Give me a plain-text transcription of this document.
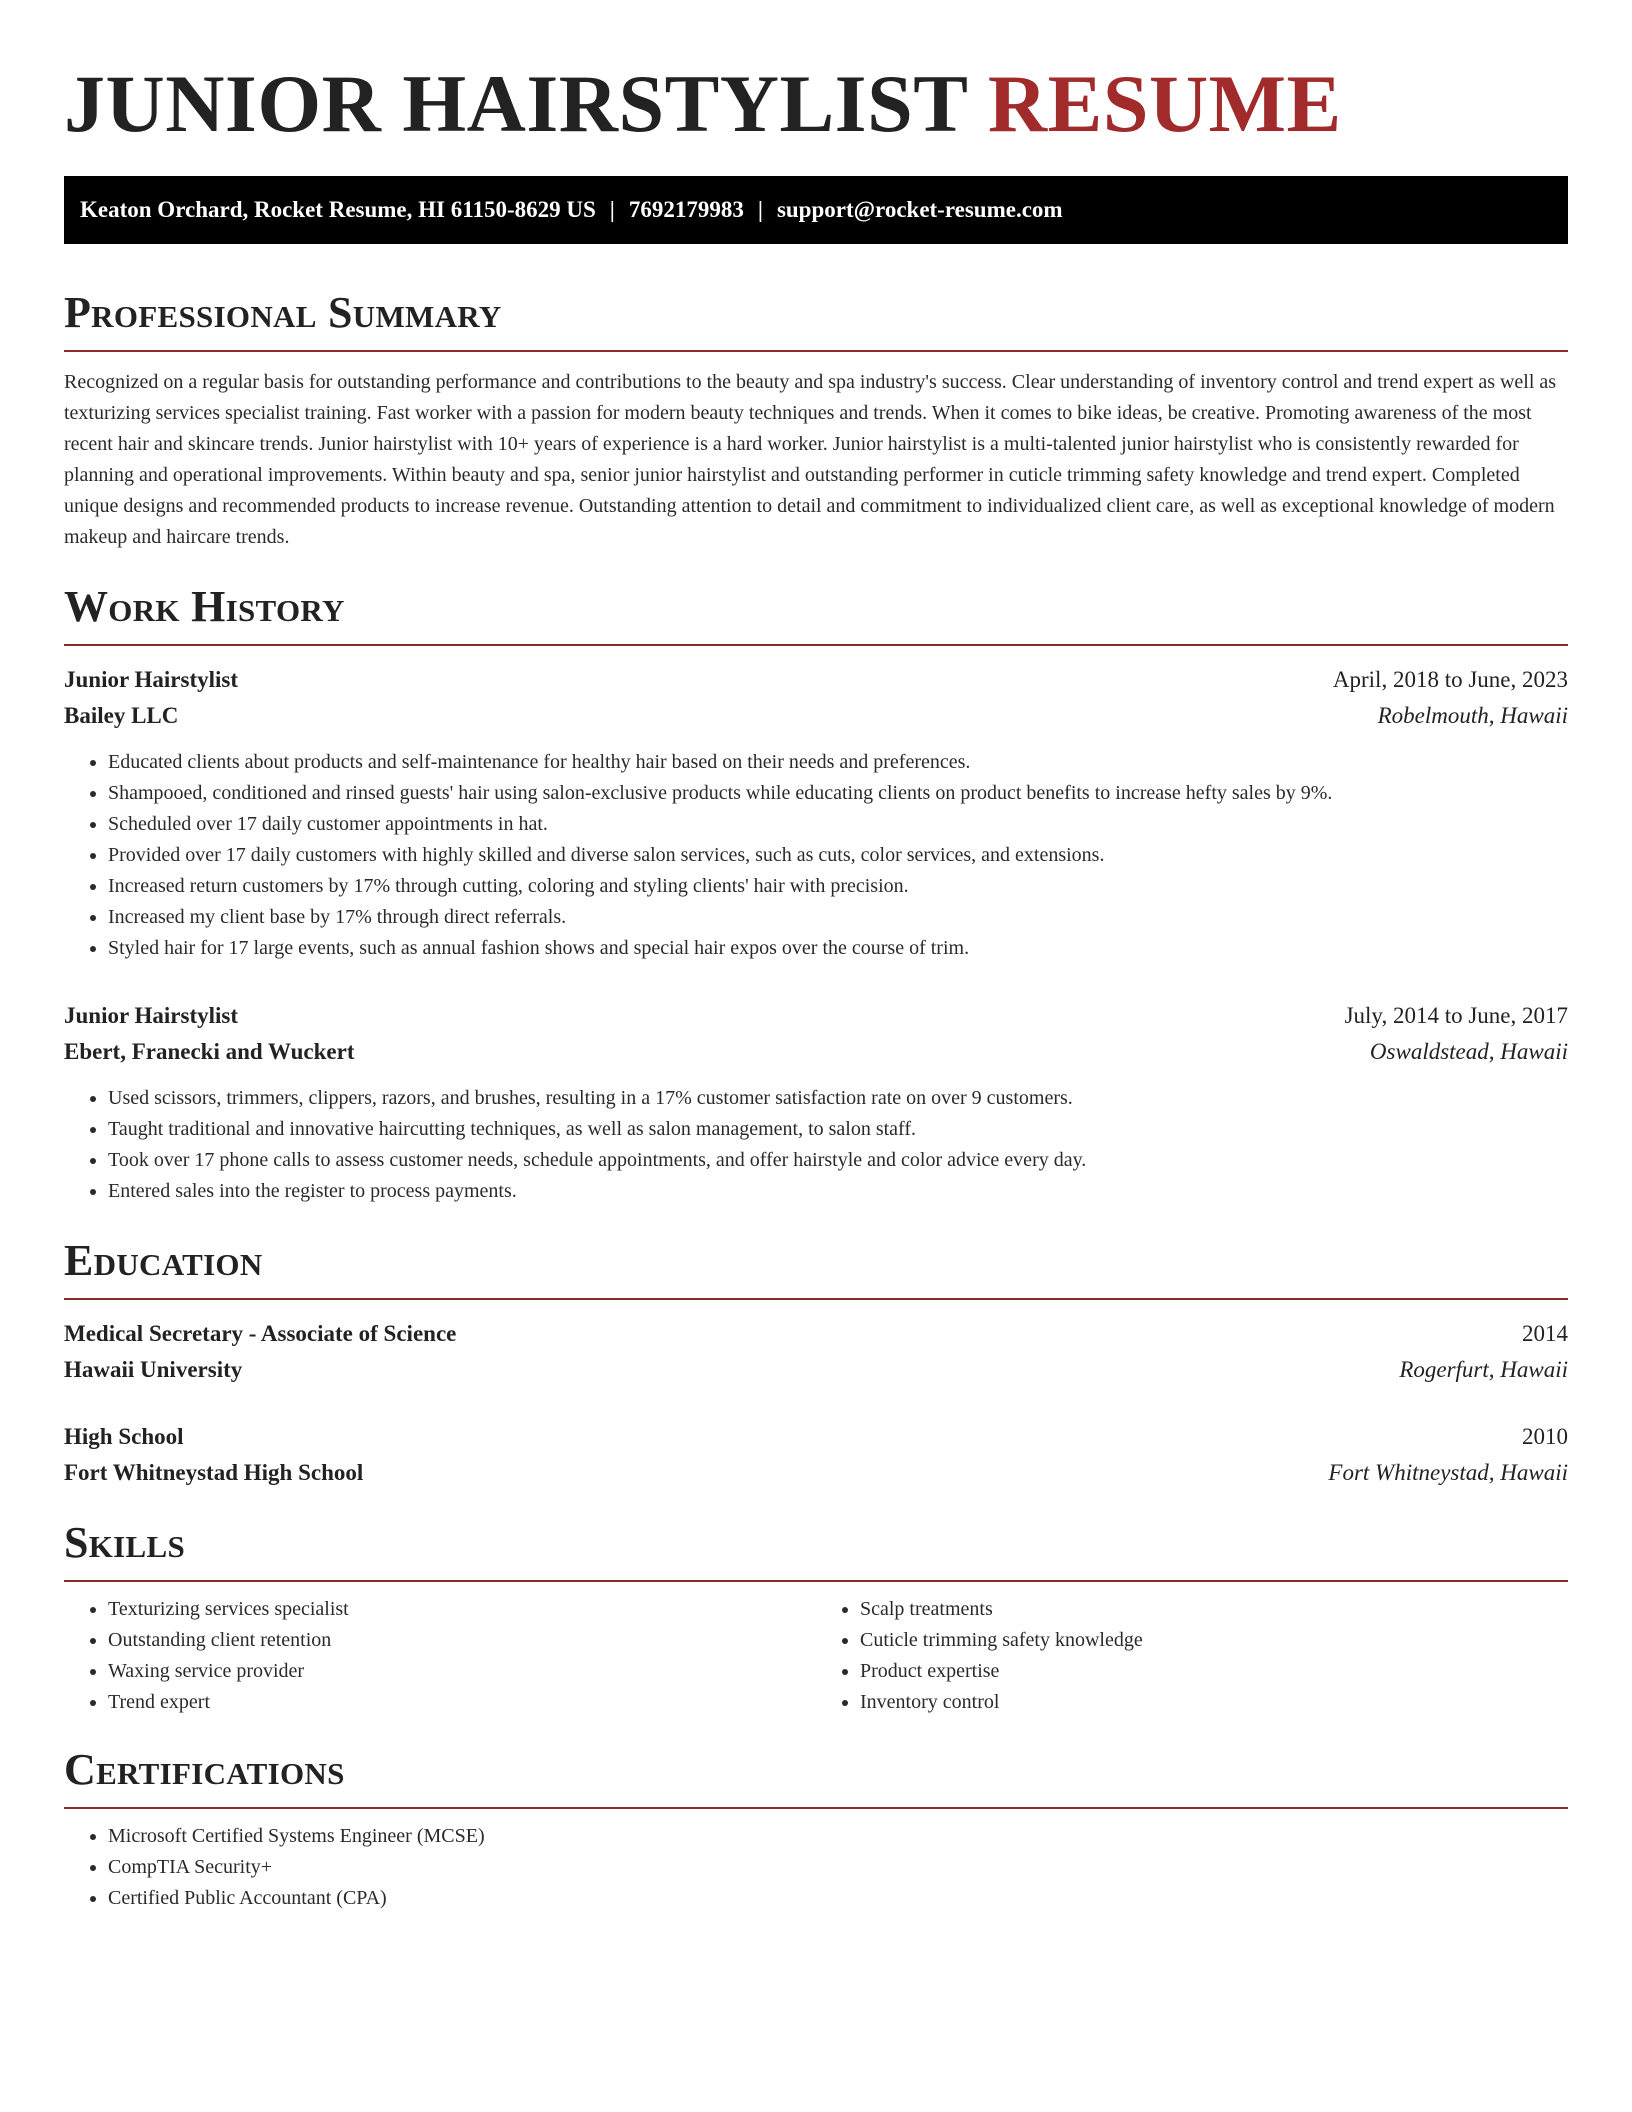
JUNIOR HAIRSTYLIST RESUME
Keaton Orchard, Rocket Resume, HI 61150-8629 US | 7692179983 | support@rocket-resume.com
Professional Summary

Recognized on a regular basis for outstanding performance and contributions to the beauty and spa industry's success. Clear understanding of inventory control and trend expert as well as texturizing services specialist training. Fast worker with a passion for modern beauty techniques and trends. When it comes to bike ideas, be creative. Promoting awareness of the most recent hair and skincare trends. Junior hairstylist with 10+ years of experience is a hard worker. Junior hairstylist is a multi-talented junior hairstylist who is consistently rewarded for planning and operational improvements. Within beauty and spa, senior junior hairstylist and outstanding performer in cuticle trimming safety knowledge and trend expert. Completed unique designs and recommended products to increase revenue. Outstanding attention to detail and commitment to individualized client care, as well as exceptional knowledge of modern makeup and haircare trends.

Work History
Junior Hairstylist	April, 2018 to June, 2023
Bailey LLC	Robelmouth, Hawaii
• Educated clients about products and self-maintenance for healthy hair based on their needs and preferences.
• Shampooed, conditioned and rinsed guests' hair using salon-exclusive products while educating clients on product benefits to increase hefty sales by 9%.
• Scheduled over 17 daily customer appointments in hat.
• Provided over 17 daily customers with highly skilled and diverse salon services, such as cuts, color services, and extensions.
• Increased return customers by 17% through cutting, coloring and styling clients' hair with precision.
• Increased my client base by 17% through direct referrals.
• Styled hair for 17 large events, such as annual fashion shows and special hair expos over the course of trim.
Junior Hairstylist	July, 2014 to June, 2017
Ebert, Franecki and Wuckert	Oswaldstead, Hawaii
• Used scissors, trimmers, clippers, razors, and brushes, resulting in a 17% customer satisfaction rate on over 9 customers.
• Taught traditional and innovative haircutting techniques, as well as salon management, to salon staff.
• Took over 17 phone calls to assess customer needs, schedule appointments, and offer hairstyle and color advice every day.
• Entered sales into the register to process payments.
Education
Medical Secretary - Associate of Science	2014
Hawaii University	Rogerfurt, Hawaii
High School	2010
Fort Whitneystad High School	Fort Whitneystad, Hawaii
Skills
• Texturizing services specialist
• Outstanding client retention
• Waxing service provider
• Trend expert
• Scalp treatments
• Cuticle trimming safety knowledge
• Product expertise
• Inventory control
Certifications
• Microsoft Certified Systems Engineer (MCSE)
• CompTIA Security+
• Certified Public Accountant (CPA)
